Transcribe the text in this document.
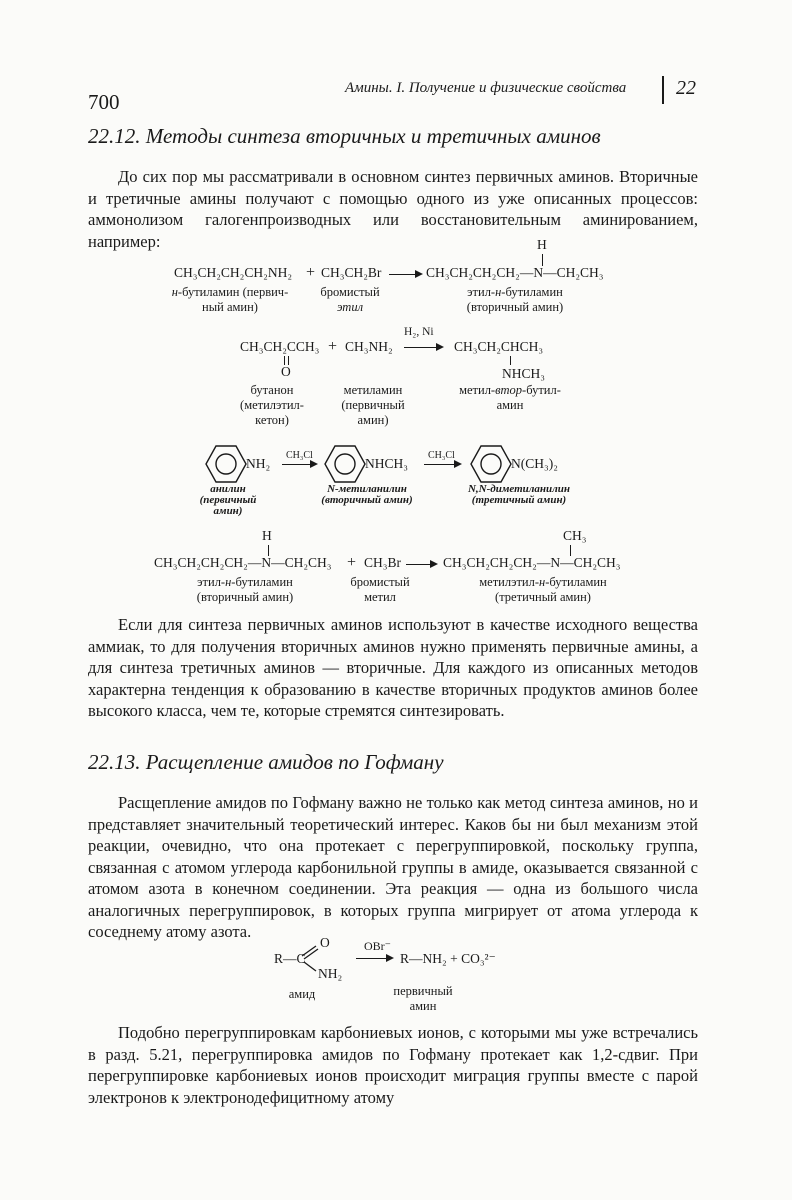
700
Амины. I. Получение и физические свойства 22
22.12. Методы синтеза вторичных и третичных аминов

До сих пор мы рассматривали в основном синтез первичных аминов. Вторичные и третичные амины получают с помощью одного из уже описанных процессов: аммонолизом галогенпроизводных или восстановительным аминированием, например:	H
CH₃CH₂CH₂CH₂NH₂ + CH₃CH₂Br	CH₃CH₂CH₂CH₂—N—CH₂CH₃
н-бутиламин (первич-
ный амин)
бромистый
этил
этил-н-бутиламин
(вторичный амин)
H₂, Ni
CH₃CH₂CCH₃ + CH₃NH₂	CH₃CH₂CHCH₃
O	NHCH₃
бутанон
(метилэтил-
кетон)
метиламин
(первичный
амин)
метил-втор-бутил-
амин
NH₂
CH₃Cl
NHCH₃
CH₃Cl
N(CH₃)₂
анилин
(первичный
амин)
N-метиланилин
(вторичный амин)
N,N-диметиланилин
(третичный амин)
H	CH₃
CH₃CH₂CH₂CH₂—N—CH₂CH₃ + CH₃Br	CH₃CH₂CH₂CH₂—N—CH₂CH₃
этил-н-бутиламин
(вторичный амин)
бромистый
метил
метилэтил-н-бутиламин
(третичный амин)

Если для синтеза первичных аминов используют в качестве исходного вещества аммиак, то для получения вторичных аминов нужно применять первичные амины, а для синтеза третичных аминов — вторичные. Для каждого из описанных методов характерна тенденция к образованию в качестве вторичных продуктов аминов более высокого класса, чем те, которые стремятся синтезировать.

22.13. Расщепление амидов по Гофману

Расщепление амидов по Гофману важно не только как метод синтеза аминов, но и представляет значительный теоретический интерес. Каков бы ни был механизм этой реакции, очевидно, что она протекает с перегруппировкой, поскольку группа, связанная с атомом углерода карбонильной группы в амиде, оказывается связанной с атомом азота в конечном соединении. Эта реакция — одна из большого числа аналогичных перегруппировок, в которых группа мигрирует от атома углерода к соседнему атому азота.

O
R—C
NH₂
OBr⁻
R—NH₂ + CO₃²⁻
амид	первичный
амин

Подобно перегруппировкам карбониевых ионов, с которыми мы уже встречались в разд. 5.21, перегруппировка амидов по Гофману протекает как 1,2-сдвиг. При перегруппировке карбониевых ионов происходит миграция группы вместе с парой электронов к электронодефицитному атому
